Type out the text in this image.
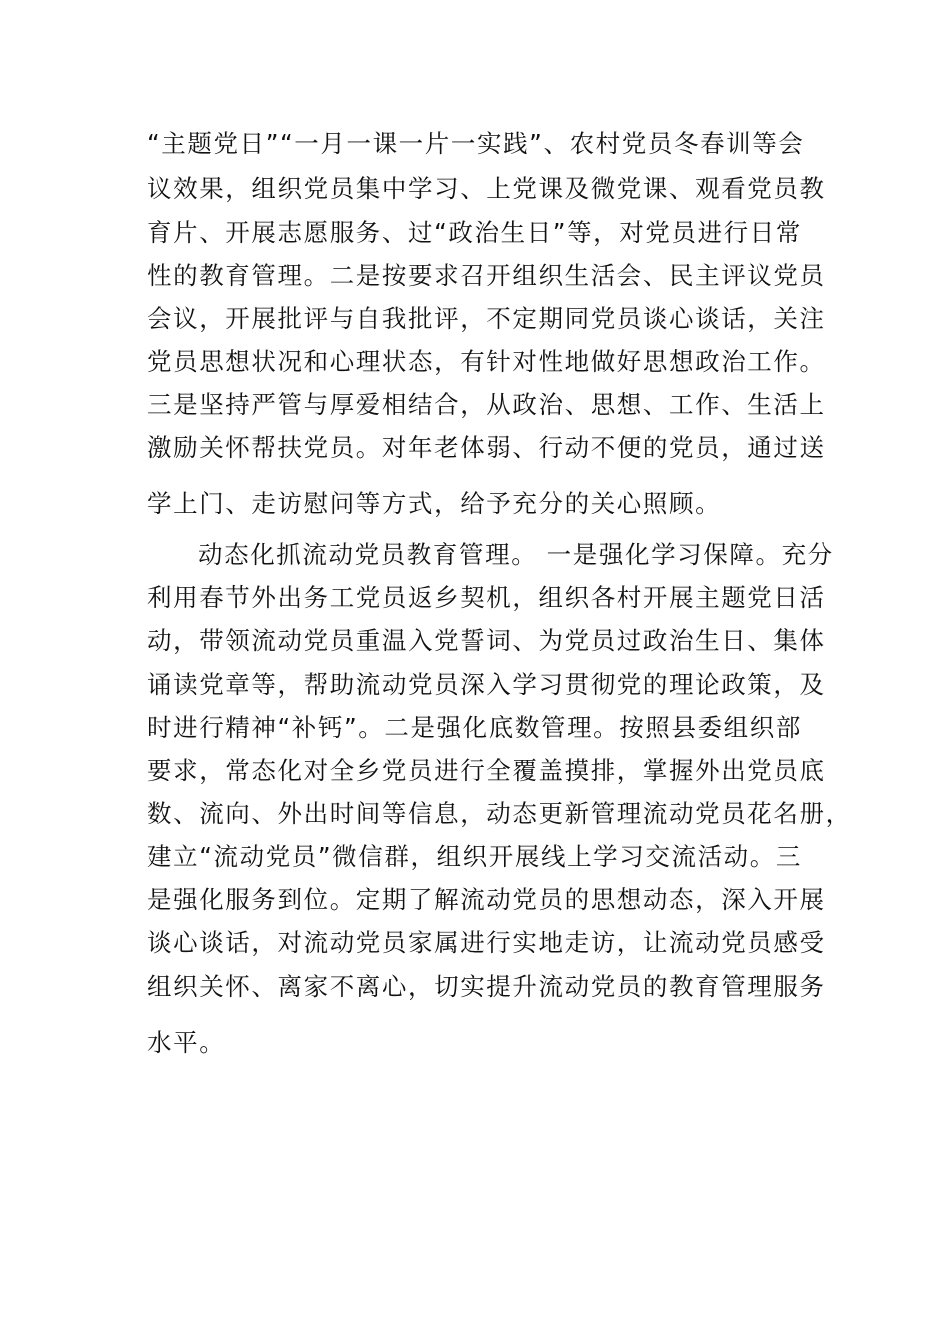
“主题党日”“一月一课一片一实践”、农村党员冬春训等会
议效果，组织党员集中学习、上党课及微党课、观看党员教
育片、开展志愿服务、过“政治生日”等，对党员进行日常
性的教育管理。二是按要求召开组织生活会、民主评议党员
会议，开展批评与自我批评，不定期同党员谈心谈话，关注
党员思想状况和心理状态，有针对性地做好思想政治工作。
三是坚持严管与厚爱相结合，从政治、思想、工作、生活上
激励关怀帮扶党员。对年老体弱、行动不便的党员，通过送
学上门、走访慰问等方式，给予充分的关心照顾。
动态化抓流动党员教育管理。 一是强化学习保障。充分
利用春节外出务工党员返乡契机，组织各村开展主题党日活
动，带领流动党员重温入党誓词、为党员过政治生日、集体
诵读党章等，帮助流动党员深入学习贯彻党的理论政策，及
时进行精神“补钙”。二是强化底数管理。按照县委组织部
要求，常态化对全乡党员进行全覆盖摸排，掌握外出党员底
数、流向、外出时间等信息，动态更新管理流动党员花名册，
建立“流动党员”微信群，组织开展线上学习交流活动。三
是强化服务到位。定期了解流动党员的思想动态，深入开展
谈心谈话，对流动党员家属进行实地走访，让流动党员感受
组织关怀、离家不离心，切实提升流动党员的教育管理服务
水平。
